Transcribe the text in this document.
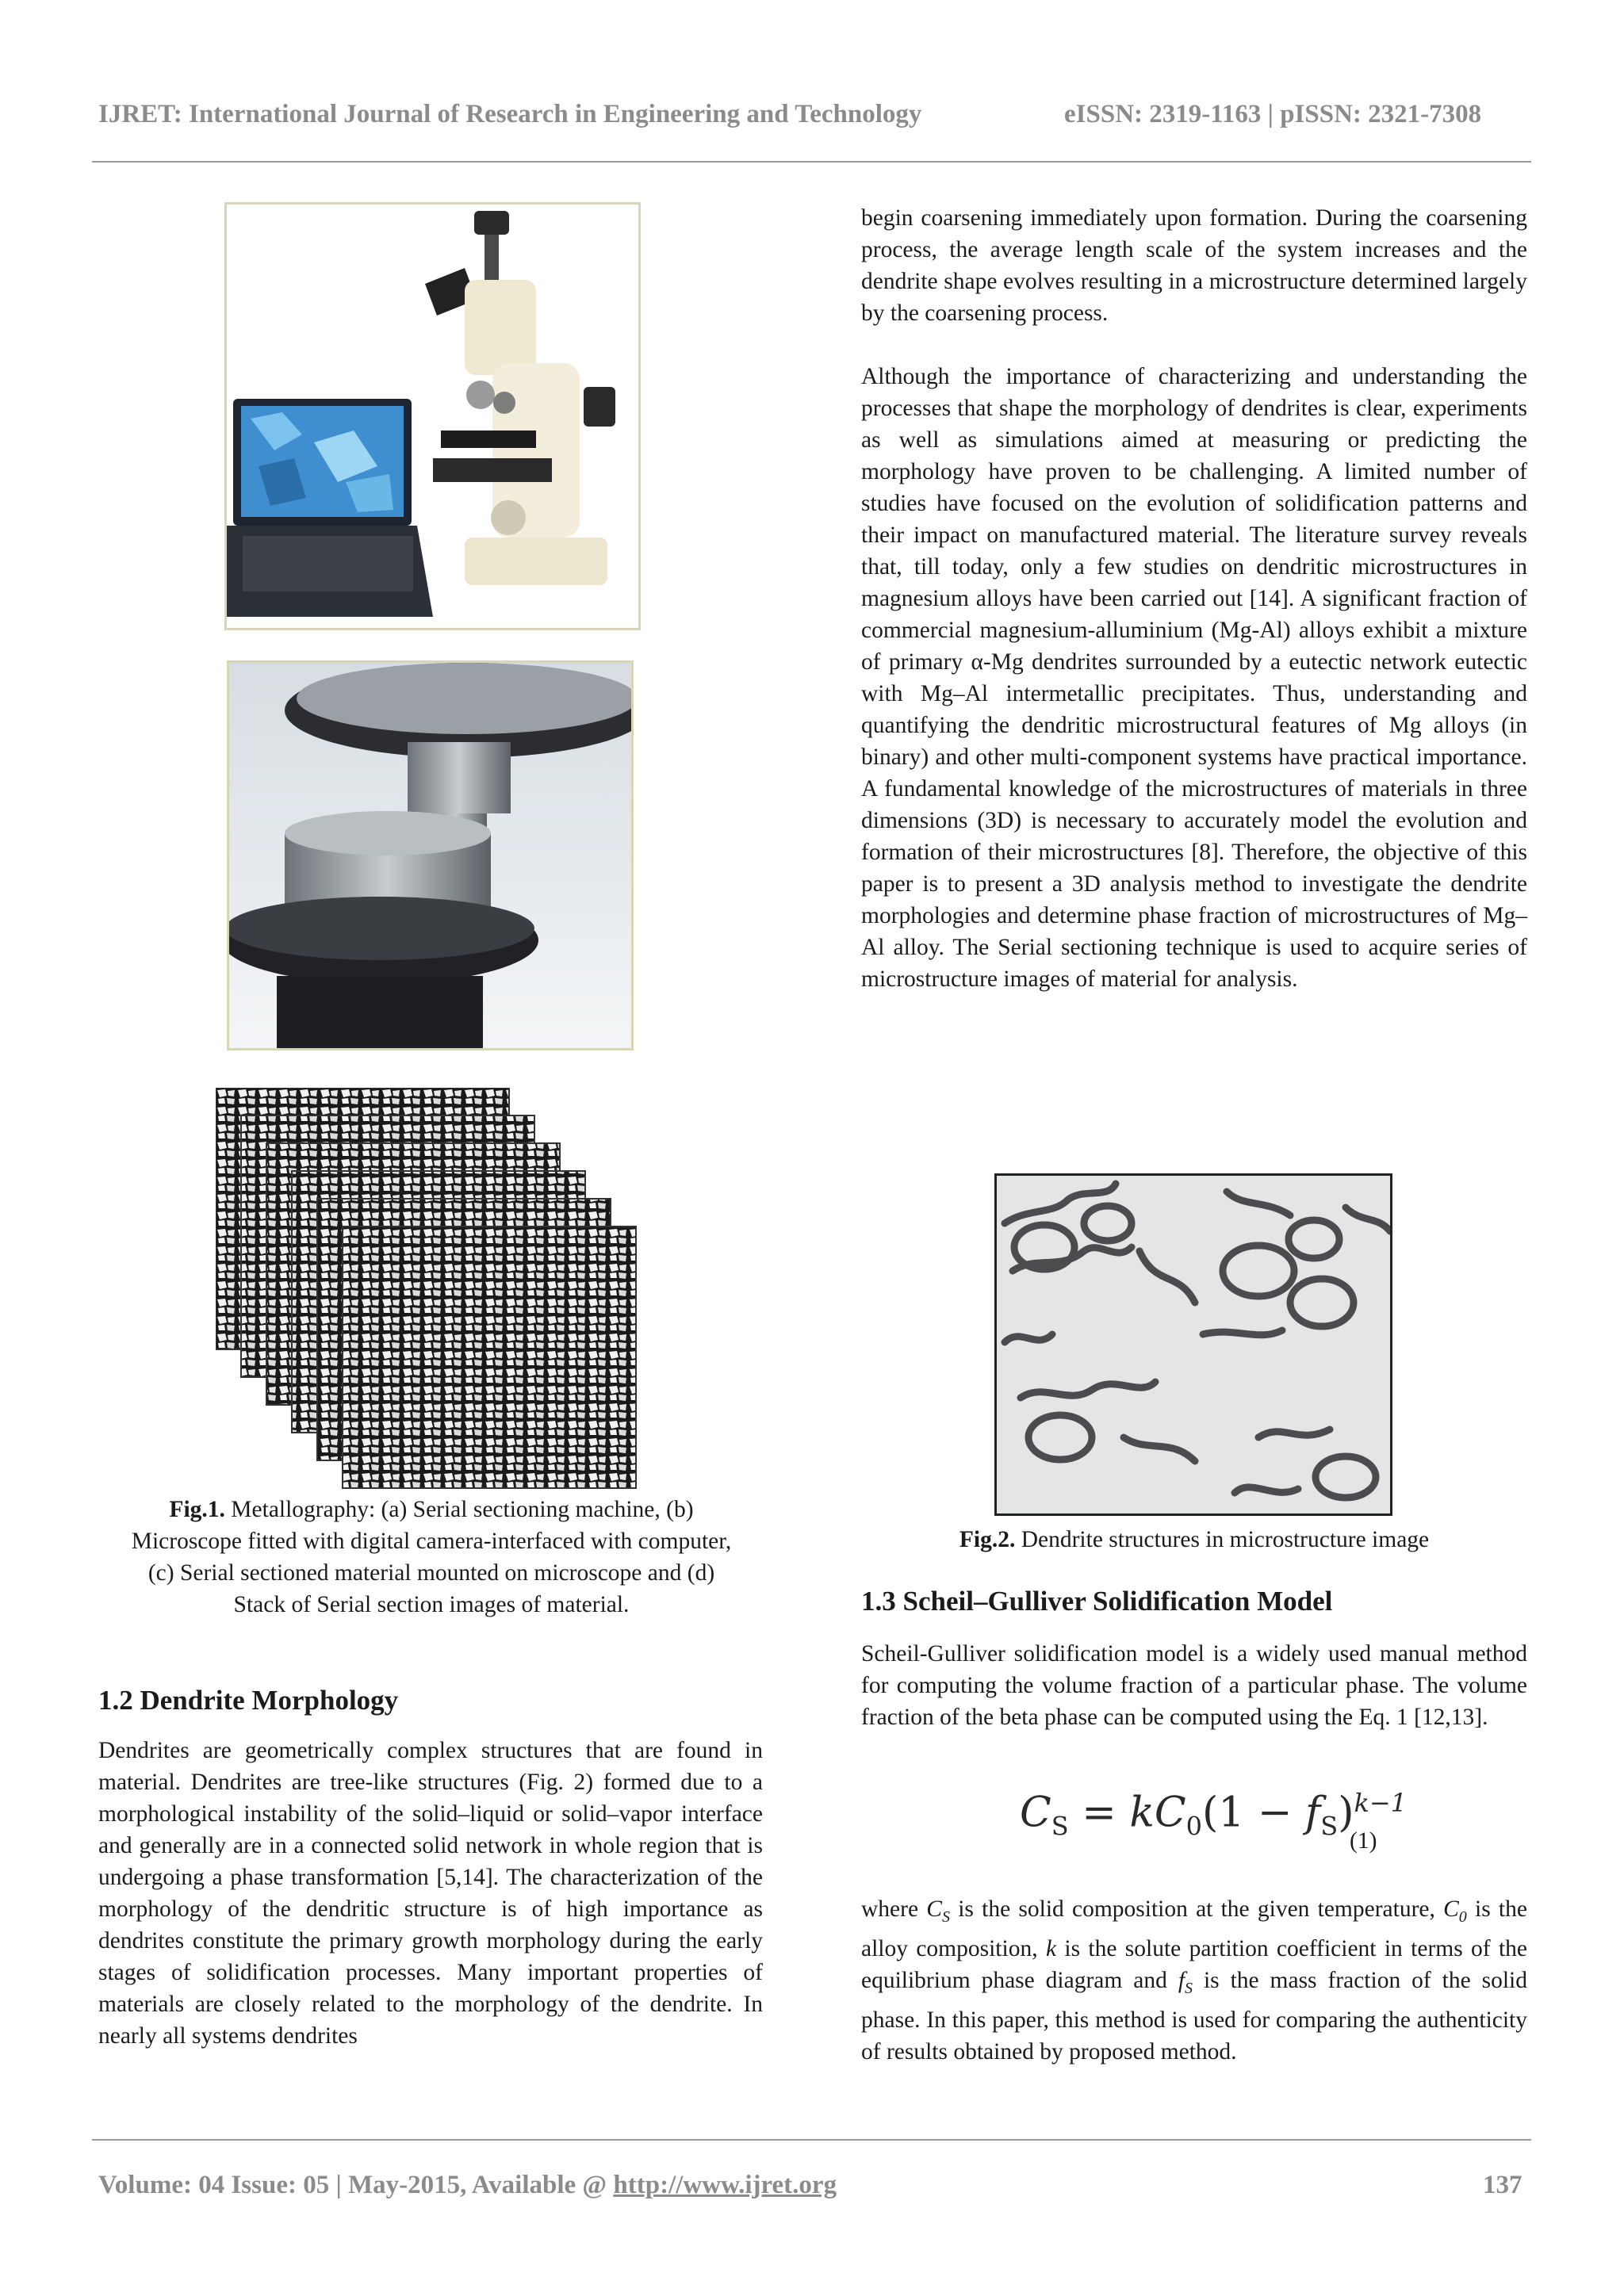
IJRET: International Journal of Research in Engineering and Technology	eISSN: 2319-1163 | pISSN: 2321-7308
Fig.1. Metallography: (a) Serial sectioning machine, (b) Microscope fitted with digital camera-interfaced with computer, (c) Serial sectioned material mounted on microscope and (d) Stack of Serial section images of material.
1.2 Dendrite Morphology

Dendrites are geometrically complex structures that are found in material. Dendrites are tree-like structures (Fig. 2) formed due to a morphological instability of the solid–liquid or solid–vapor interface and generally are in a connected solid network in whole region that is undergoing a phase transformation [5,14]. The characterization of the morphology of the dendritic structure is of high importance as dendrites constitute the primary growth morphology during the early stages of solidification processes. Many important properties of materials are closely related to the morphology of the dendrite. In nearly all systems dendrites

begin coarsening immediately upon formation. During the coarsening process, the average length scale of the system increases and the dendrite shape evolves resulting in a microstructure determined largely by the coarsening process.

Although the importance of characterizing and understanding the processes that shape the morphology of dendrites is clear, experiments as well as simulations aimed at measuring or predicting the morphology have proven to be challenging. A limited number of studies have focused on the evolution of solidification patterns and their impact on manufactured material. The literature survey reveals that, till today, only a few studies on dendritic microstructures in magnesium alloys have been carried out [14]. A significant fraction of commercial magnesium-alluminium (Mg-Al) alloys exhibit a mixture of primary α-Mg dendrites surrounded by a eutectic network eutectic with Mg–Al intermetallic precipitates. Thus, understanding and quantifying the dendritic microstructural features of Mg alloys (in binary) and other multi-component systems have practical importance. A fundamental knowledge of the microstructures of materials in three dimensions (3D) is necessary to accurately model the evolution and formation of their microstructures [8]. Therefore, the objective of this paper is to present a 3D analysis method to investigate the dendrite morphologies and determine phase fraction of microstructures of Mg–Al alloy. The Serial sectioning technique is used to acquire series of microstructure images of material for analysis.

Fig.2. Dendrite structures in microstructure image
1.3 Scheil–Gulliver Solidification Model

Scheil-Gulliver solidification model is a widely used manual method for computing the volume fraction of a particular phase. The volume fraction of the beta phase can be computed using the Eq. 1 [12,13].

$C_S = kC_0(1 - f_S)^{k-1}$
(1)

where $C_S$ is the solid composition at the given temperature, $C_0$ is the alloy composition, k is the solute partition coefficient in terms of the equilibrium phase diagram and $f_S$ is the mass fraction of the solid phase. In this paper, this method is used for comparing the authenticity of results obtained by proposed method.

Volume: 04 Issue: 05 | May-2015, Available @ http://www.ijret.org	137
